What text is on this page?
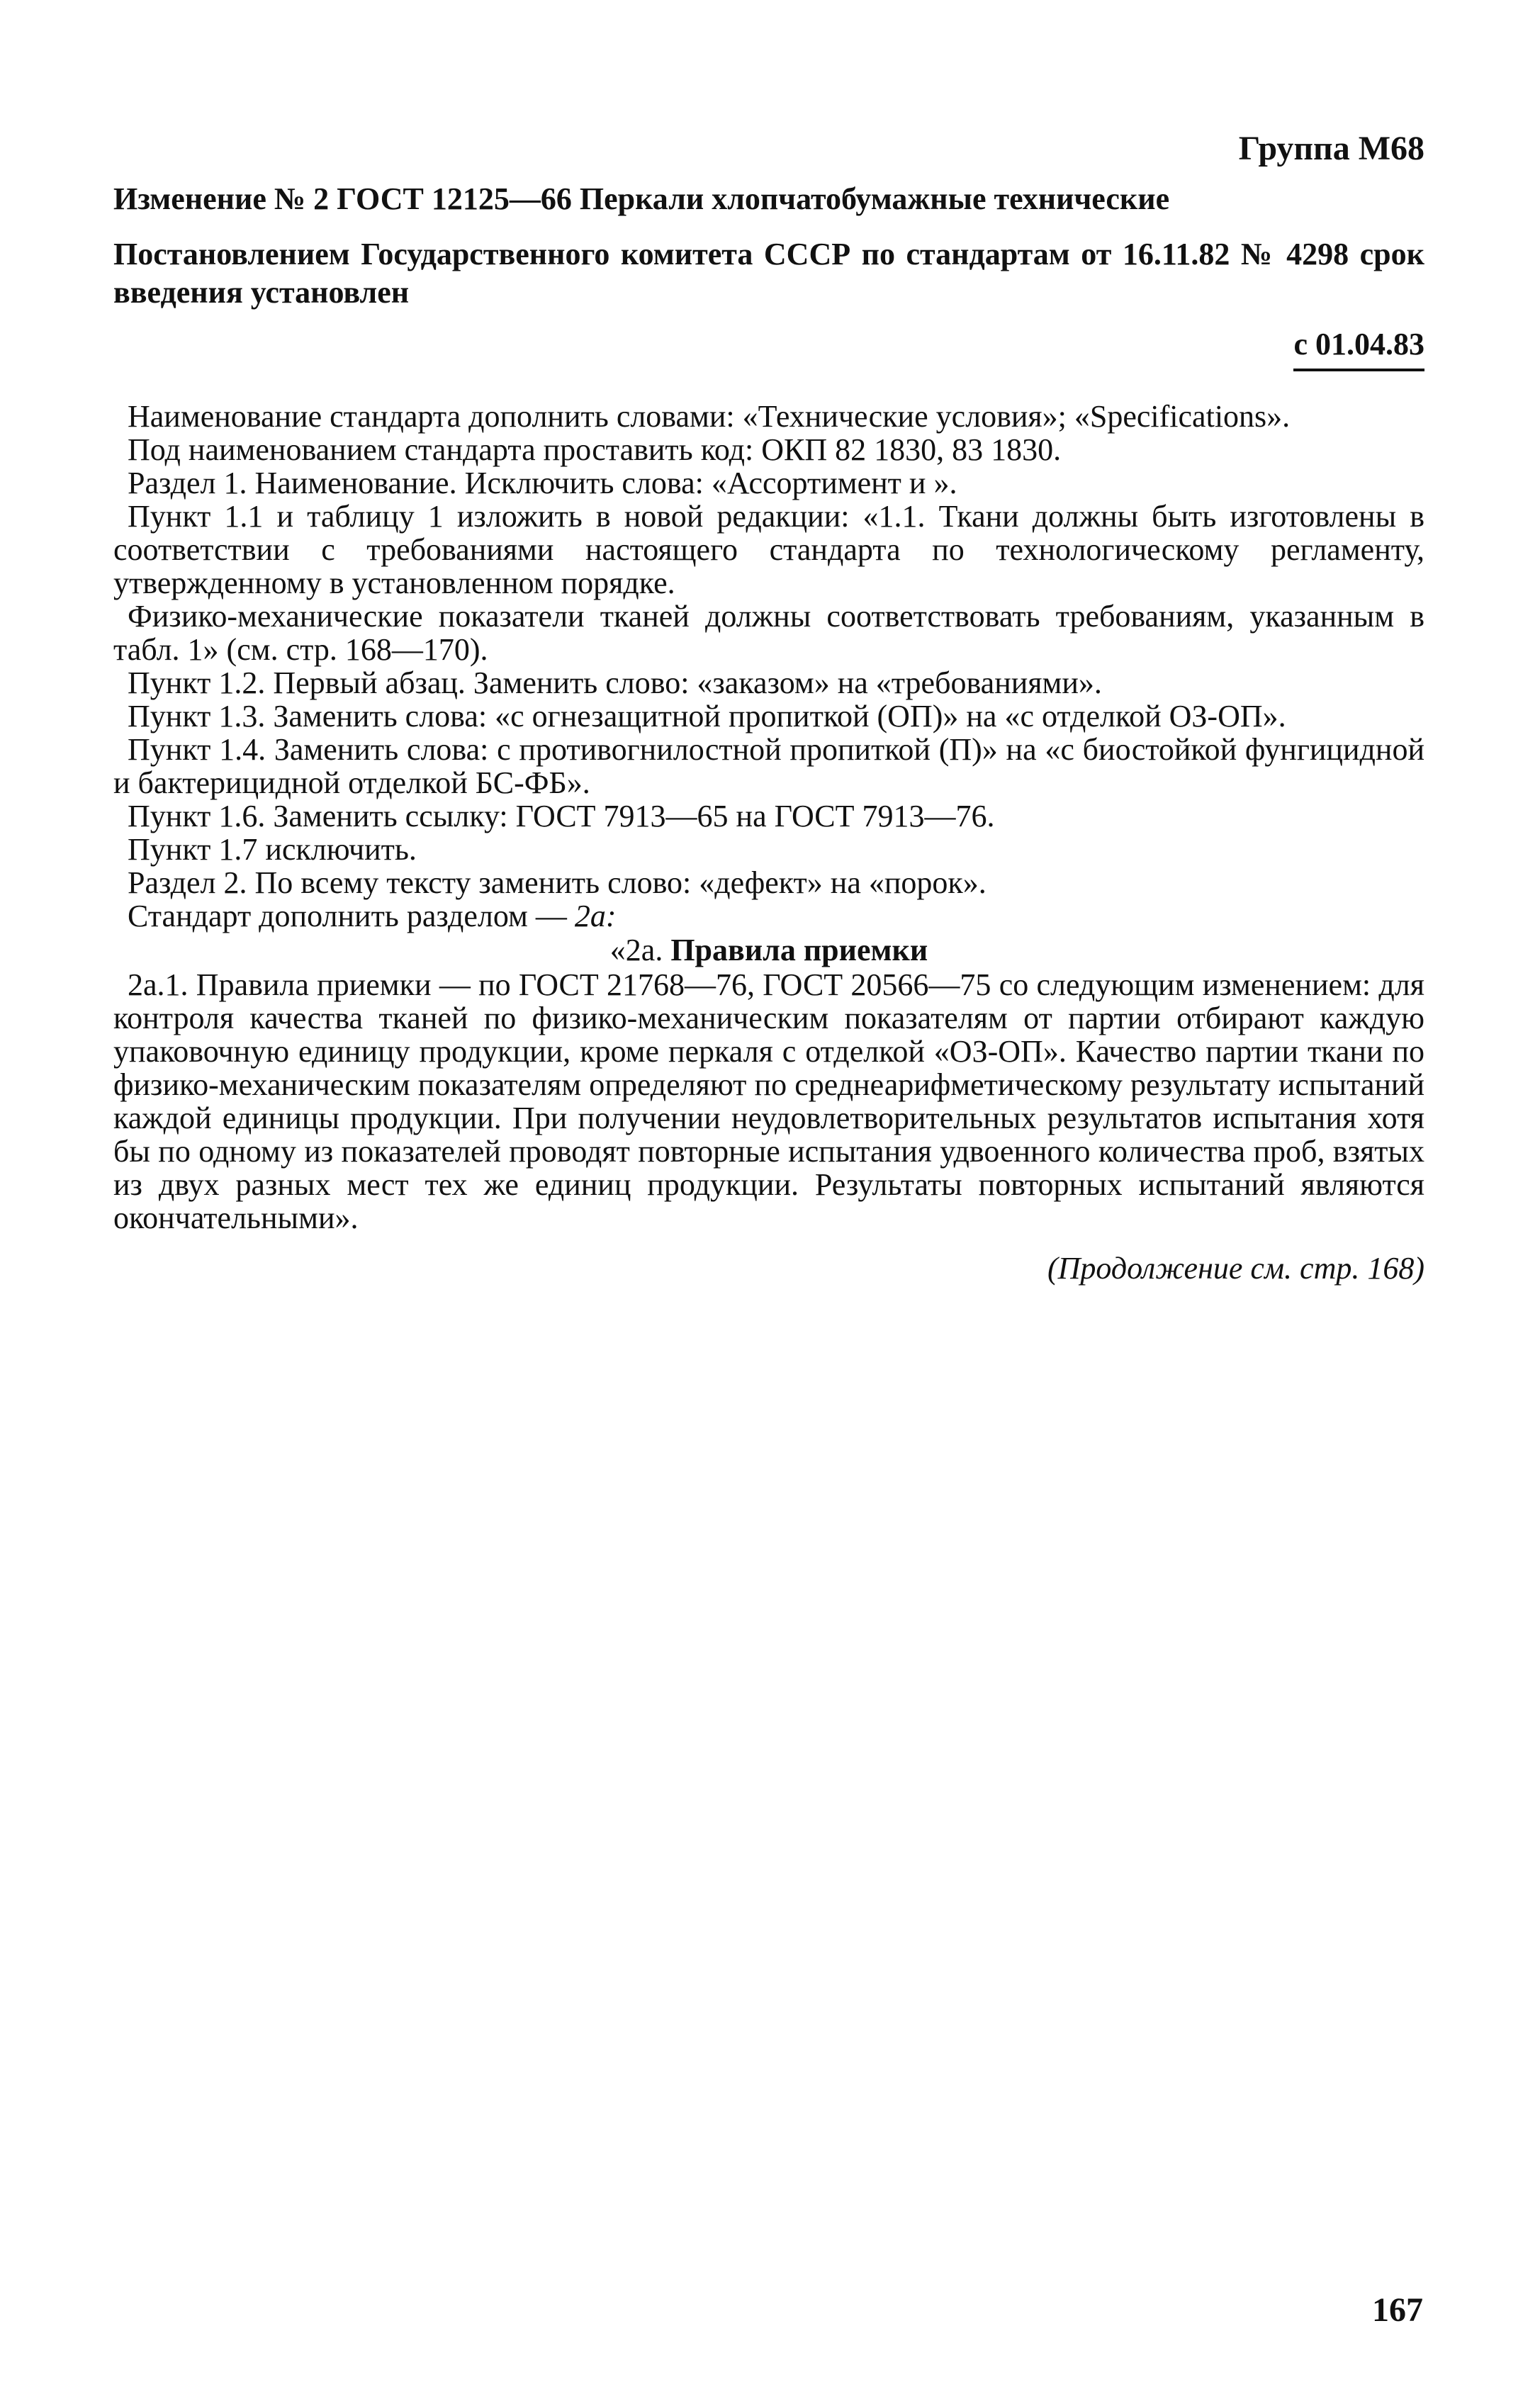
Группа М68
Изменение № 2 ГОСТ 12125—66 Перкали хлопчатобумажные технические
Постановлением Государственного комитета СССР по стандартам от 16.11.82 № 4298 срок введения установлен
с 01.04.83

Наименование стандарта дополнить словами: «Технические условия»; «Specifications».

Под наименованием стандарта проставить код: ОКП 82 1830, 83 1830.

Раздел 1. Наименование. Исключить слова: «Ассортимент и ».

Пункт 1.1 и таблицу 1 изложить в новой редакции: «1.1. Ткани должны быть изготовлены в соответствии с требованиями настоящего стандарта по технологическому регламенту, утвержденному в установленном порядке.

Физико-механические показатели тканей должны соответствовать требованиям, указанным в табл. 1» (см. стр. 168—170).

Пункт 1.2. Первый абзац. Заменить слово: «заказом» на «требованиями».

Пункт 1.3. Заменить слова: «с огнезащитной пропиткой (ОП)» на «с отделкой ОЗ-ОП».

Пункт 1.4. Заменить слова: с противогнилостной пропиткой (П)» на «с биостойкой фунгицидной и бактерицидной отделкой БС-ФБ».

Пункт 1.6. Заменить ссылку: ГОСТ 7913—65 на ГОСТ 7913—76.

Пункт 1.7 исключить.

Раздел 2. По всему тексту заменить слово: «дефект» на «порок».

Стандарт дополнить разделом — 2а:

«2а. Правила приемки

2а.1. Правила приемки — по ГОСТ 21768—76, ГОСТ 20566—75 со следующим изменением: для контроля качества тканей по физико-механическим показателям от партии отбирают каждую упаковочную единицу продукции, кроме перкаля с отделкой «ОЗ-ОП». Качество партии ткани по физико-механическим показателям определяют по среднеарифметическому результату испытаний каждой единицы продукции. При получении неудовлетворительных результатов испытания хотя бы по одному из показателей проводят повторные испытания удвоенного количества проб, взятых из двух разных мест тех же единиц продукции. Результаты повторных испытаний являются окончательными».

(Продолжение см. стр. 168)
167
